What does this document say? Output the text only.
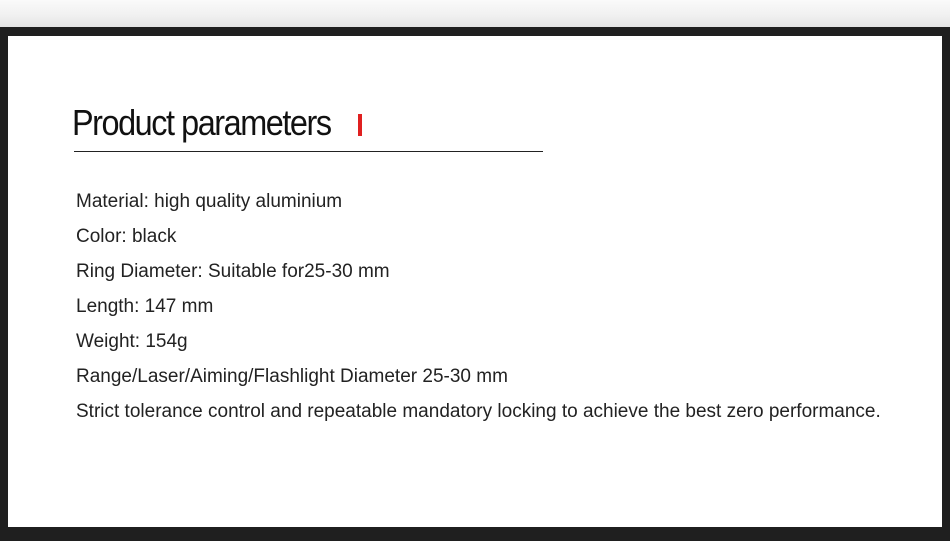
Product parameters
Material: high quality aluminium
Color: black
Ring Diameter: Suitable for25-30 mm
Length: 147 mm
Weight: 154g
Range/Laser/Aiming/Flashlight Diameter 25-30 mm
Strict tolerance control and repeatable mandatory locking to achieve the best zero performance.
